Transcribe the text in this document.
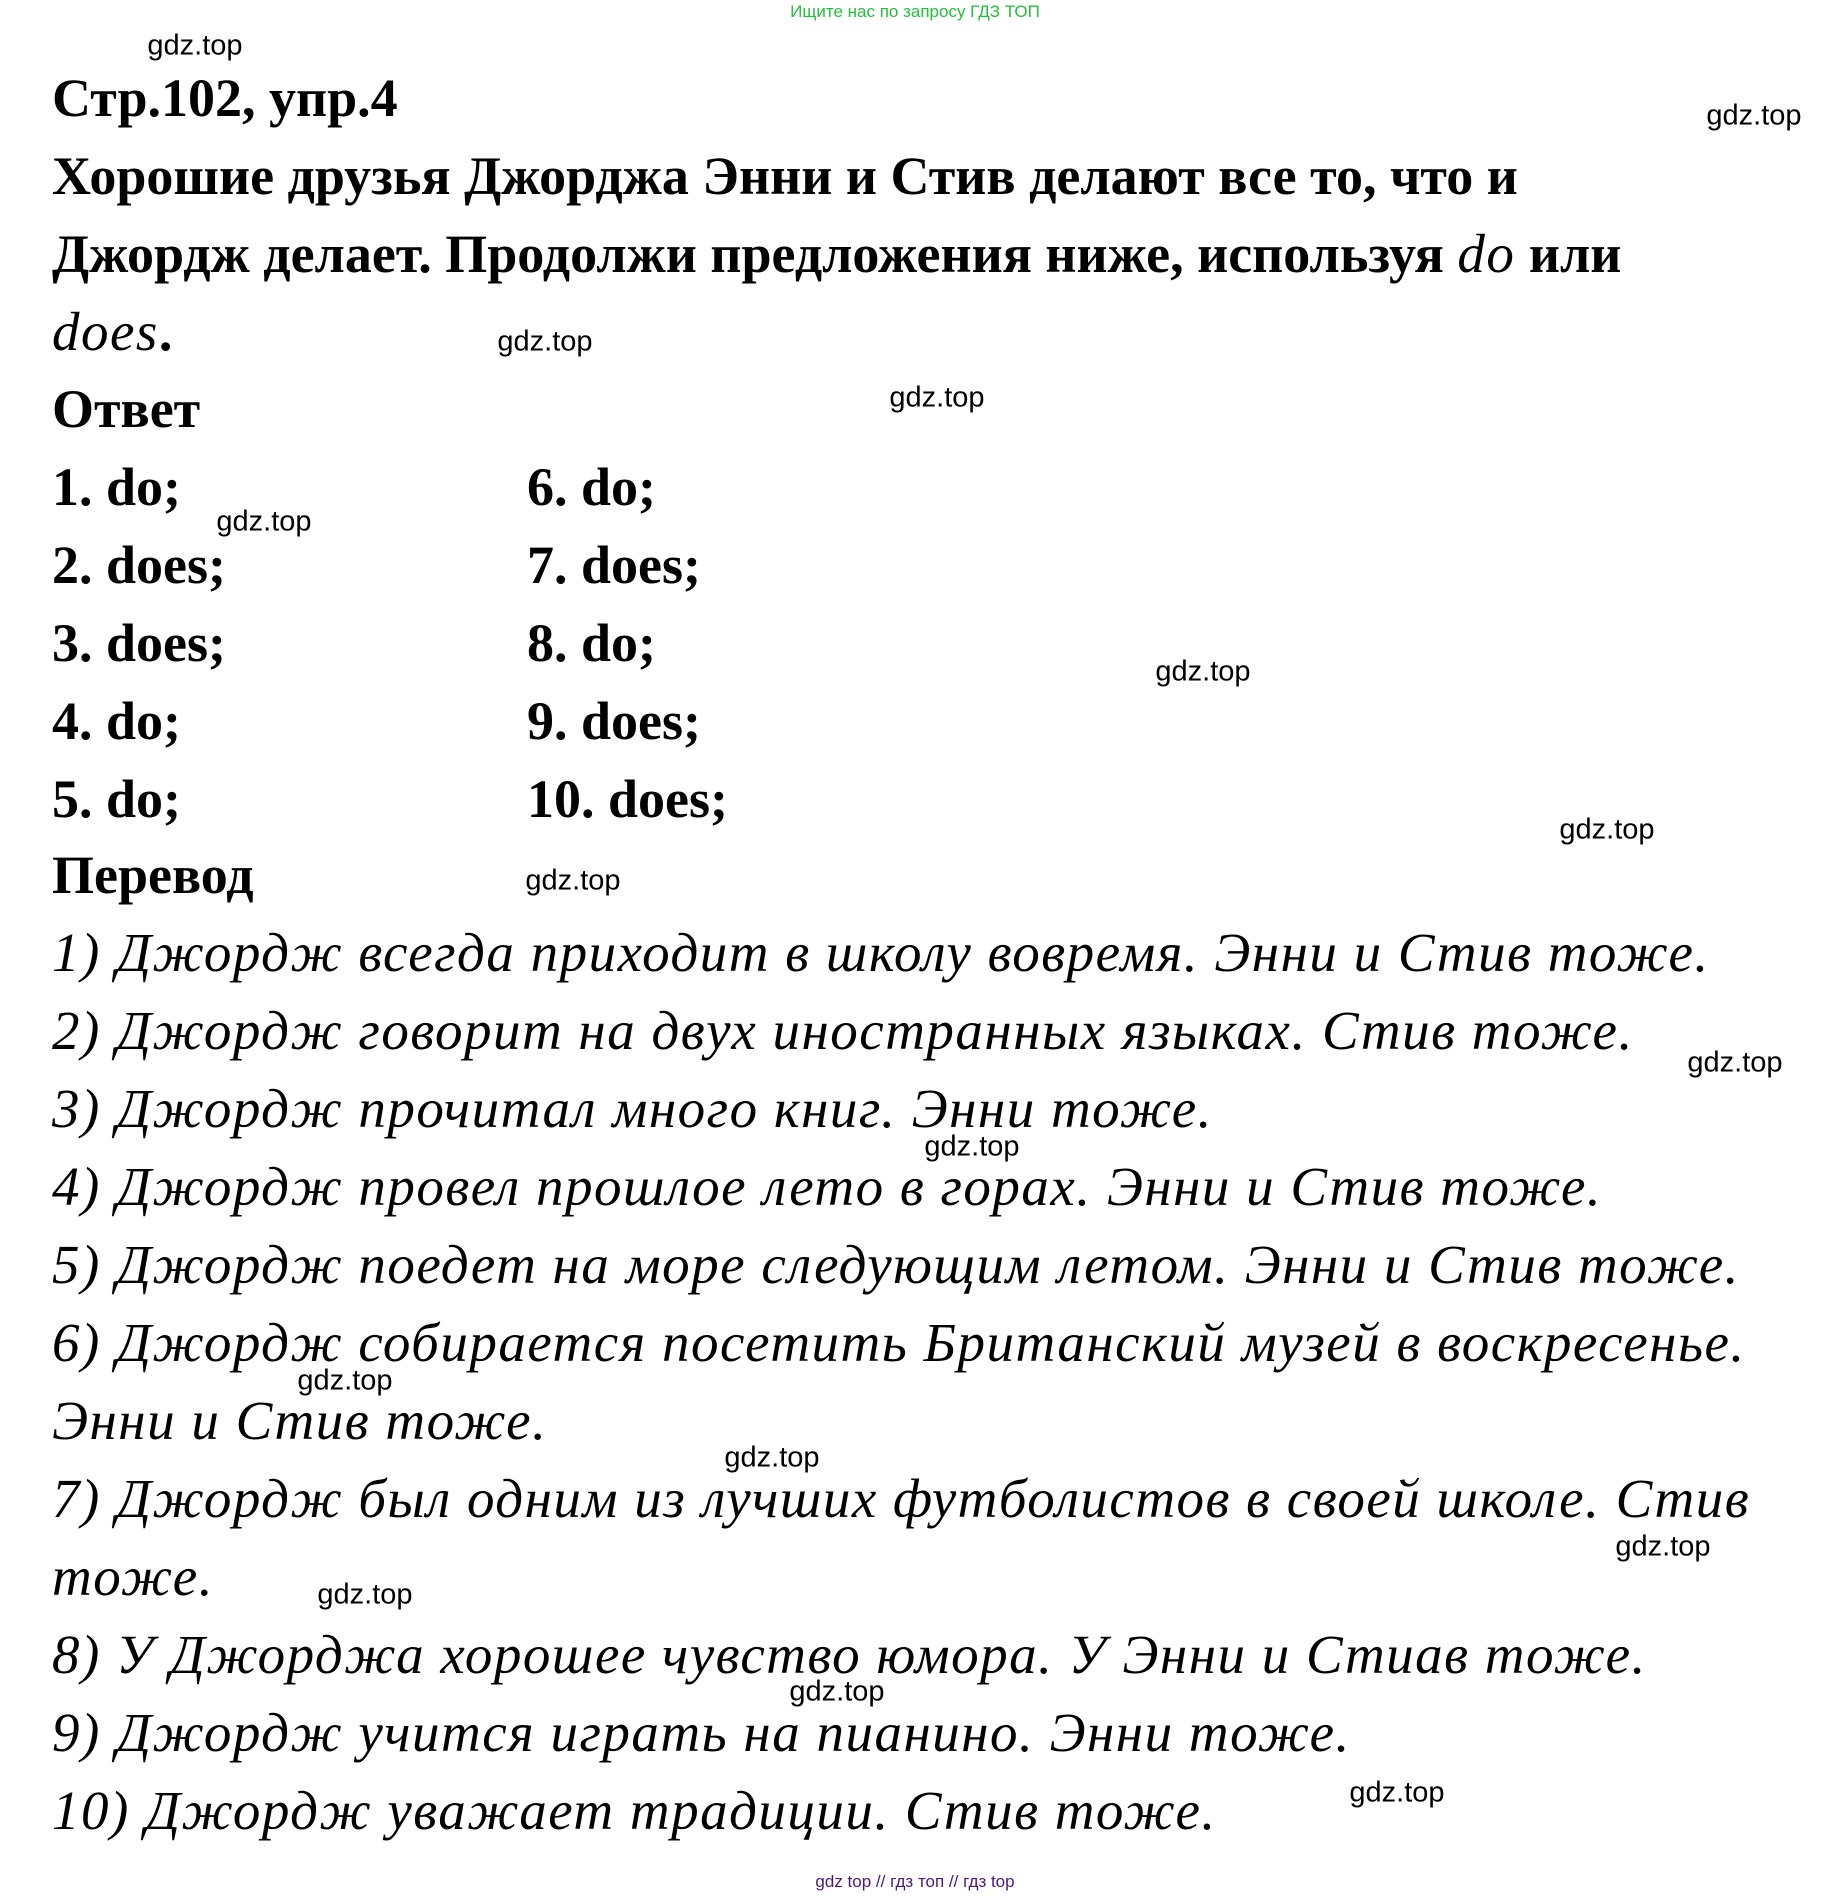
Ищите нас по запросу ГДЗ ТОП
Стр.102, упр.4
Хорошие друзья Джорджа Энни и Стив делают все то, что и
Джордж делает. Продолжи предложения ниже, используя do или
does.
Ответ
1. do;
2. does;
3. does;
4. do;
5. do;
6. do;
7. does;
8. do;
9. does;
10. does;
Перевод
1) Джордж всегда приходит в школу вовремя. Энни и Стив тоже.
2) Джордж говорит на двух иностранных языках. Стив тоже.
3) Джордж прочитал много книг. Энни тоже.
4) Джордж провел прошлое лето в горах. Энни и Стив тоже.
5) Джордж поедет на море следующим летом. Энни и Стив тоже.
6) Джордж собирается посетить Британский музей в воскресенье.
Энни и Стив тоже.
7) Джордж был одним из лучших футболистов в своей школе. Стив
тоже.
8) У Джорджа хорошее чувство юмора. У Энни и Стиав тоже.
9) Джордж учится играть на пианино. Энни тоже.
10) Джордж уважает традиции. Стив тоже.
gdz.top
gdz.top
gdz.top
gdz.top
gdz.top
gdz.top
gdz.top
gdz.top
gdz.top
gdz.top
gdz.top
gdz.top
gdz.top
gdz.top
gdz.top
gdz.top
gdz top // гдз топ // гдз top
